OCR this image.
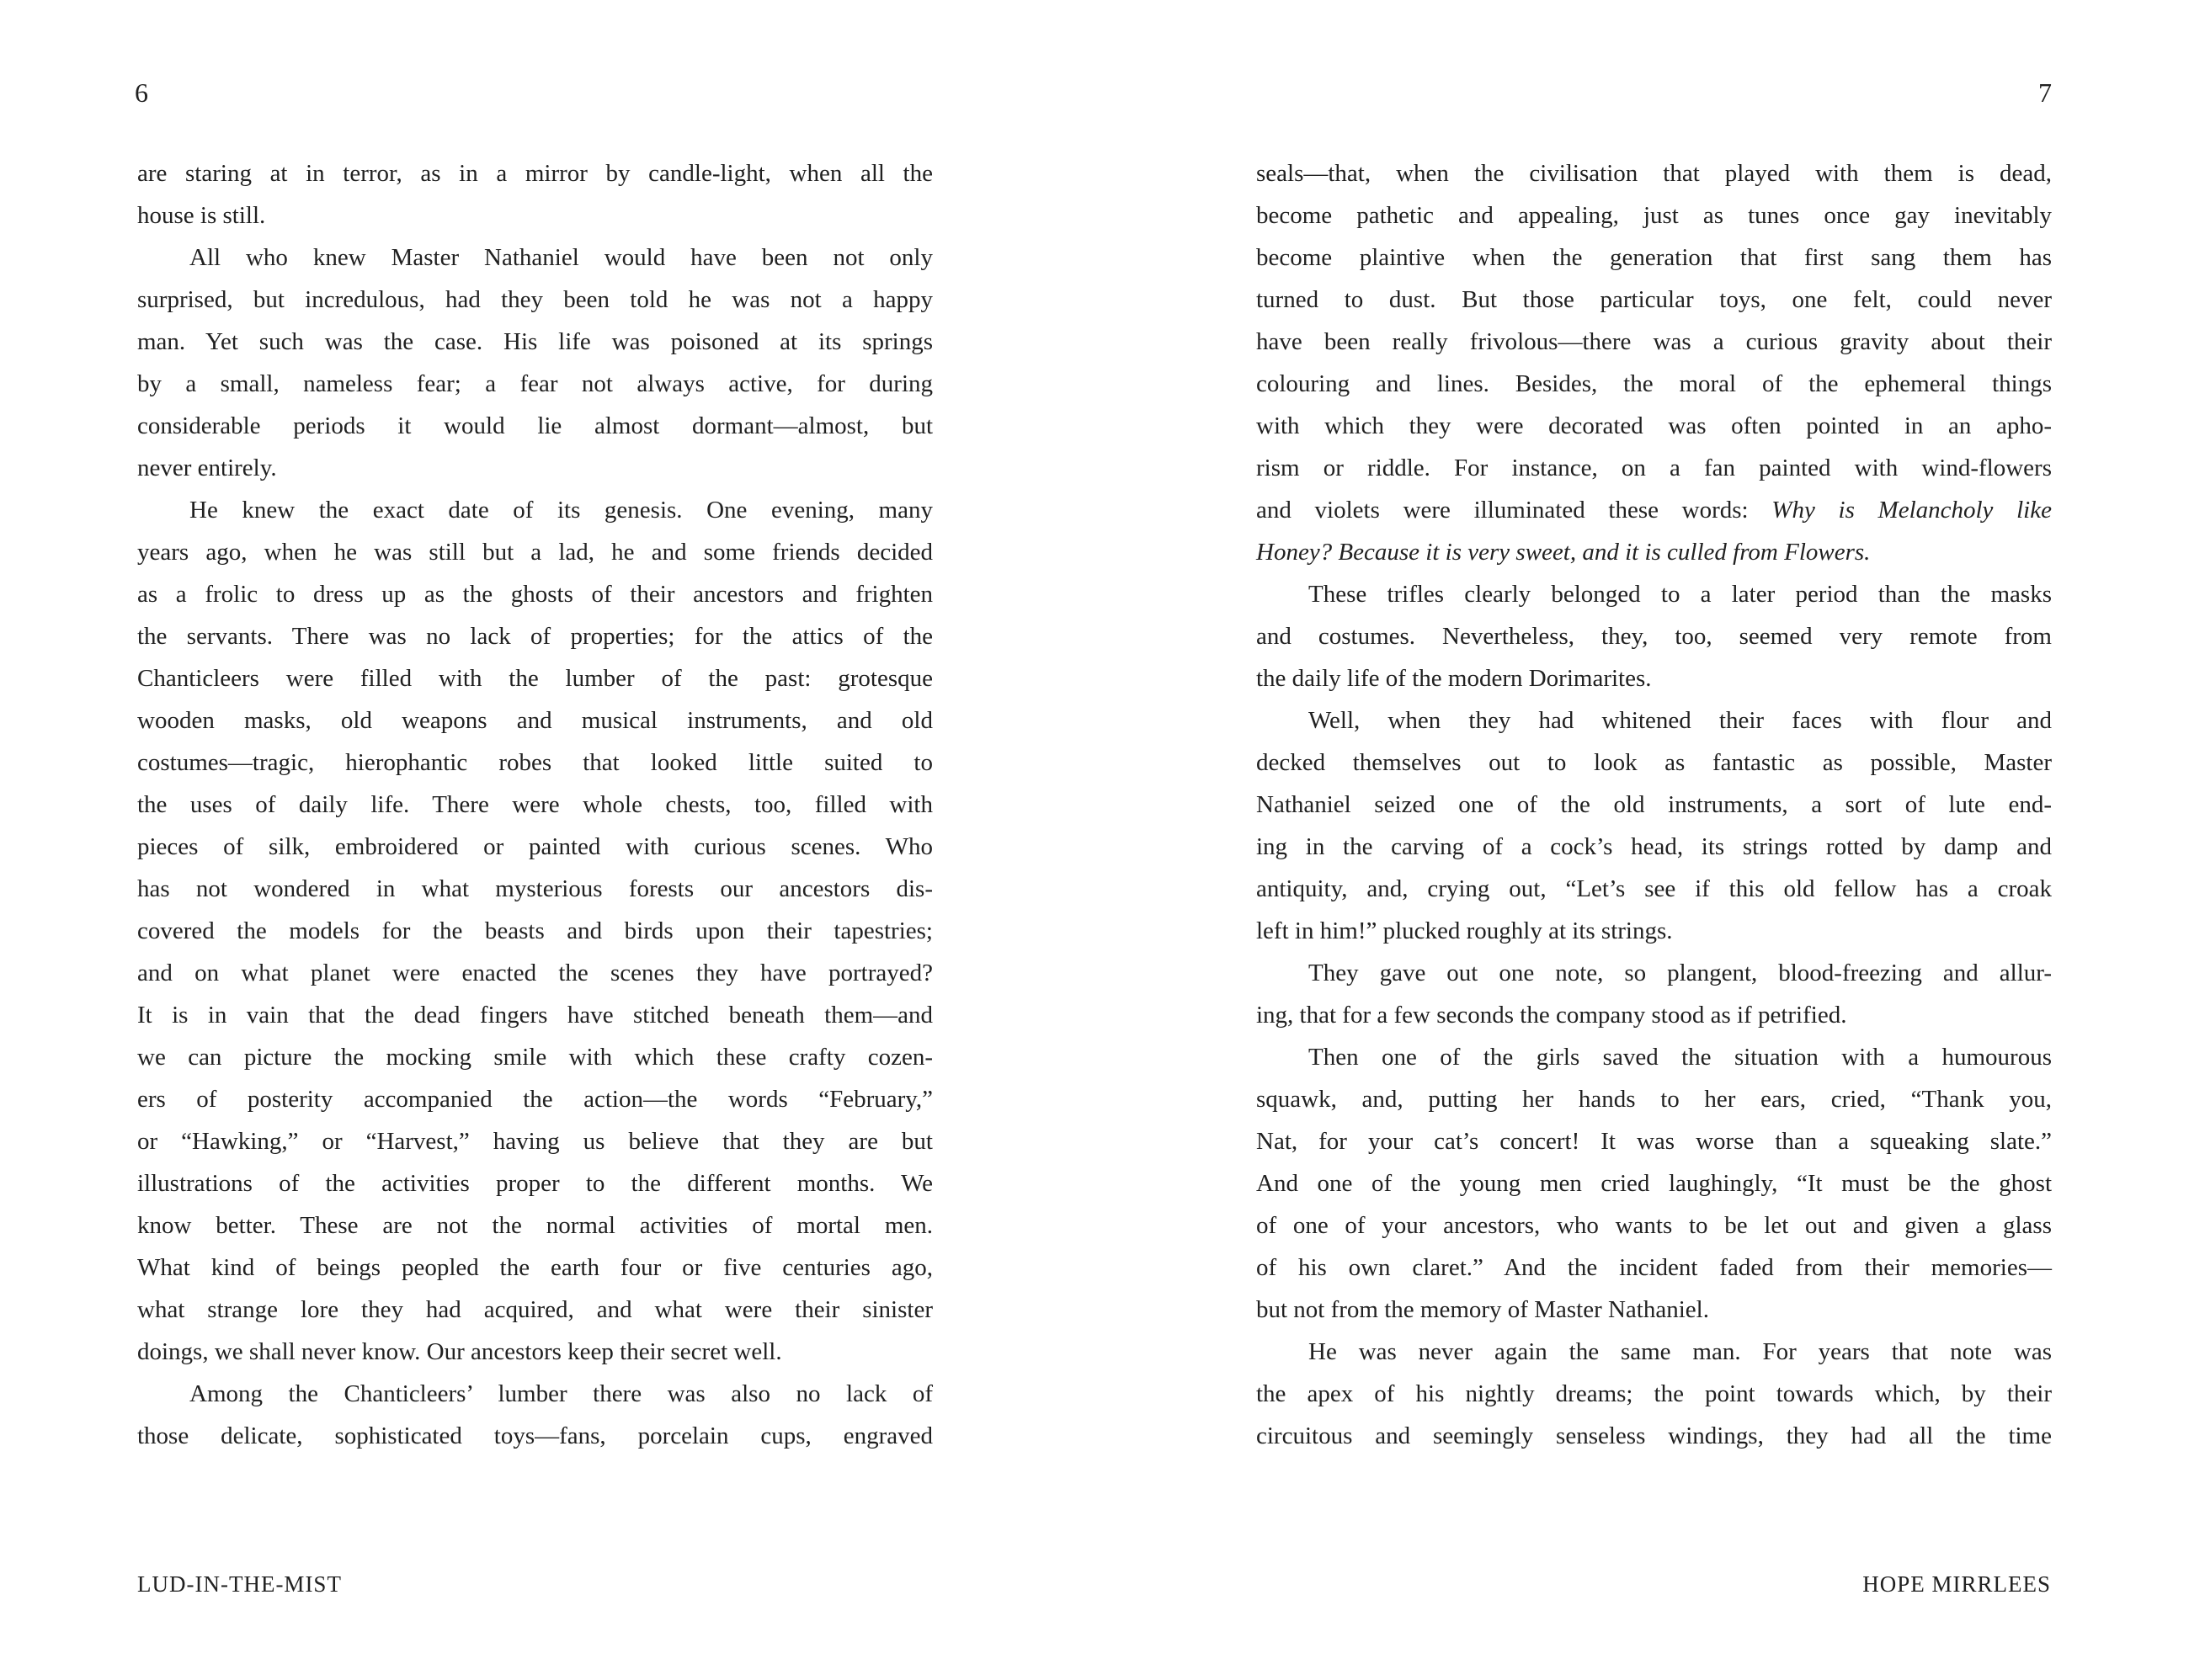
6
are staring at in terror, as in a mirror by candle-light, when all the
house is still.
All who knew Master Nathaniel would have been not only
surprised, but incredulous, had they been told he was not a happy
man. Yet such was the case. His life was poisoned at its springs
by a small, nameless fear; a fear not always active, for during
considerable periods it would lie almost dormant—almost, but
never entirely.
He knew the exact date of its genesis. One evening, many
years ago, when he was still but a lad, he and some friends decided
as a frolic to dress up as the ghosts of their ancestors and frighten
the servants. There was no lack of properties; for the attics of the
Chanticleers were filled with the lumber of the past: grotesque
wooden masks, old weapons and musical instruments, and old
costumes—tragic, hierophantic robes that looked little suited to
the uses of daily life. There were whole chests, too, filled with
pieces of silk, embroidered or painted with curious scenes. Who
has not wondered in what mysterious forests our ancestors dis-
covered the models for the beasts and birds upon their tapestries;
and on what planet were enacted the scenes they have portrayed?
It is in vain that the dead fingers have stitched beneath them—and
we can picture the mocking smile with which these crafty cozen-
ers of posterity accompanied the action—the words “February,”
or “Hawking,” or “Harvest,” having us believe that they are but
illustrations of the activities proper to the different months. We
know better. These are not the normal activities of mortal men.
What kind of beings peopled the earth four or five centuries ago,
what strange lore they had acquired, and what were their sinister
doings, we shall never know. Our ancestors keep their secret well.
Among the Chanticleers’ lumber there was also no lack of
those delicate, sophisticated toys—fans, porcelain cups, engraved
LUD-IN-THE-MIST
7
seals—that, when the civilisation that played with them is dead,
become pathetic and appealing, just as tunes once gay inevitably
become plaintive when the generation that first sang them has
turned to dust. But those particular toys, one felt, could never
have been really frivolous—there was a curious gravity about their
colouring and lines. Besides, the moral of the ephemeral things
with which they were decorated was often pointed in an apho-
rism or riddle. For instance, on a fan painted with wind-flowers
and violets were illuminated these words: Why is Melancholy like
Honey? Because it is very sweet, and it is culled from Flowers.
These trifles clearly belonged to a later period than the masks
and costumes. Nevertheless, they, too, seemed very remote from
the daily life of the modern Dorimarites.
Well, when they had whitened their faces with flour and
decked themselves out to look as fantastic as possible, Master
Nathaniel seized one of the old instruments, a sort of lute end-
ing in the carving of a cock’s head, its strings rotted by damp and
antiquity, and, crying out, “Let’s see if this old fellow has a croak
left in him!” plucked roughly at its strings.
They gave out one note, so plangent, blood-freezing and allur-
ing, that for a few seconds the company stood as if petrified.
Then one of the girls saved the situation with a humourous
squawk, and, putting her hands to her ears, cried, “Thank you,
Nat, for your cat’s concert! It was worse than a squeaking slate.”
And one of the young men cried laughingly, “It must be the ghost
of one of your ancestors, who wants to be let out and given a glass
of his own claret.” And the incident faded from their memories—
but not from the memory of Master Nathaniel.
He was never again the same man. For years that note was
the apex of his nightly dreams; the point towards which, by their
circuitous and seemingly senseless windings, they had all the time
HOPE MIRRLEES
